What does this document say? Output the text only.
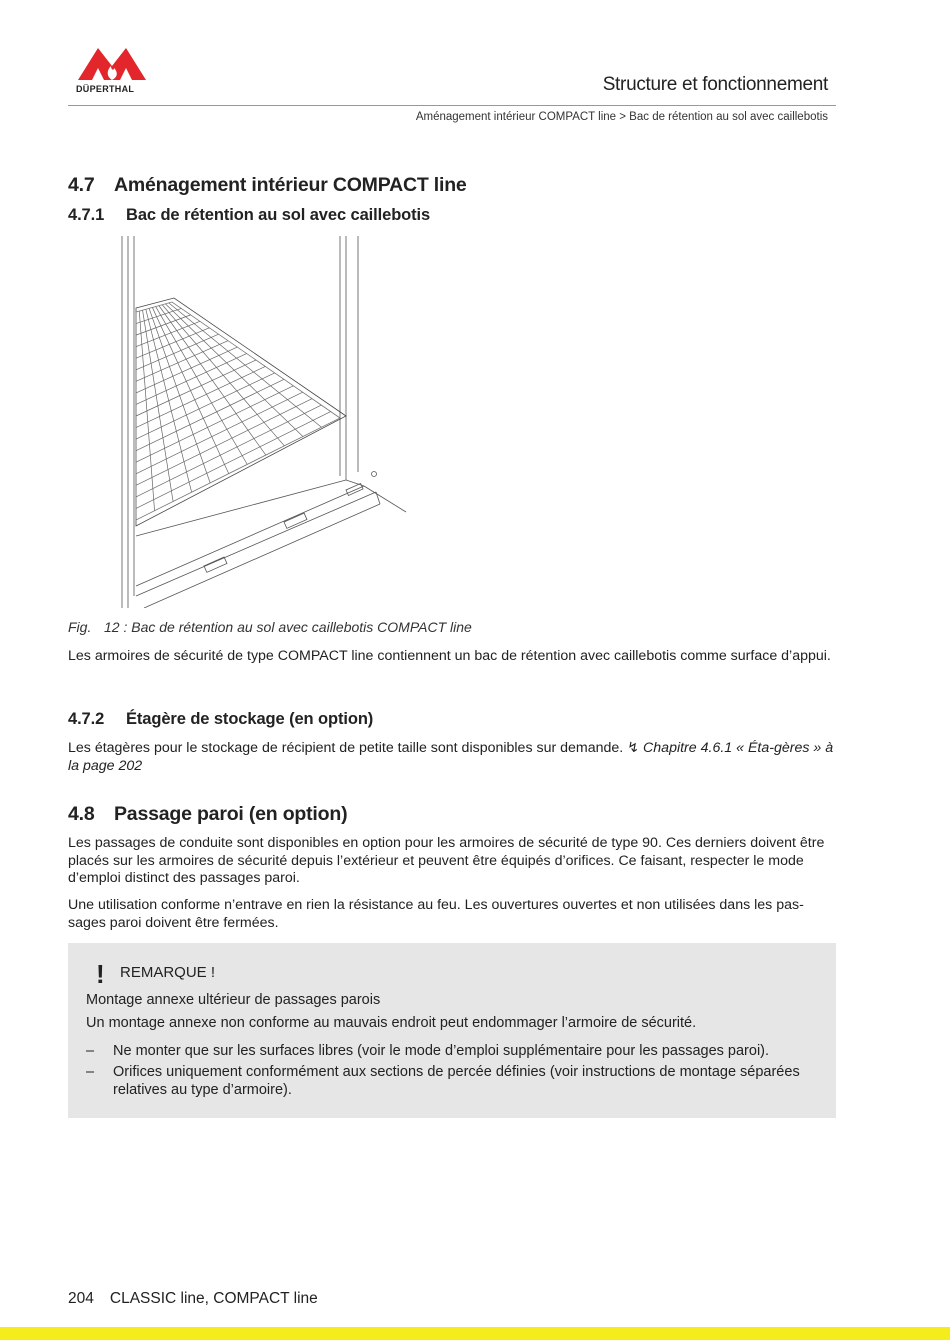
DÜPERTHAL	Structure et fonctionnement
Aménagement intérieur COMPACT line > Bac de rétention au sol avec caillebotis
4.7 Aménagement intérieur COMPACT line
4.7.1 Bac de rétention au sol avec caillebotis
Fig. 12 : Bac de rétention au sol avec caillebotis COMPACT line
Les armoires de sécurité de type COMPACT line contiennent un bac de rétention avec caillebotis comme surface d’appui.
4.7.2 Étagère de stockage (en option)
Les étagères pour le stockage de récipient de petite taille sont disponibles sur demande. ↯ Chapitre 4.6.1 « Éta-gères » à la page 202
4.8 Passage paroi (en option)
Les passages de conduite sont disponibles en option pour les armoires de sécurité de type 90. Ces derniers doivent être placés sur les armoires de sécurité depuis l’extérieur et peuvent être équipés d’orifices. Ce faisant, respecter le mode d’emploi distinct des passages paroi.
Une utilisation conforme n’entrave en rien la résistance au feu. Les ouvertures ouvertes et non utilisées dans les pas-sages paroi doivent être fermées.
! REMARQUE !
Montage annexe ultérieur de passages parois
Un montage annexe non conforme au mauvais endroit peut endommager l’armoire de sécurité.
– Ne monter que sur les surfaces libres (voir le mode d’emploi supplémentaire pour les passages paroi).
– Orifices uniquement conformément aux sections de percée définies (voir instructions de montage séparées relatives au type d’armoire).
204 CLASSIC line, COMPACT line
